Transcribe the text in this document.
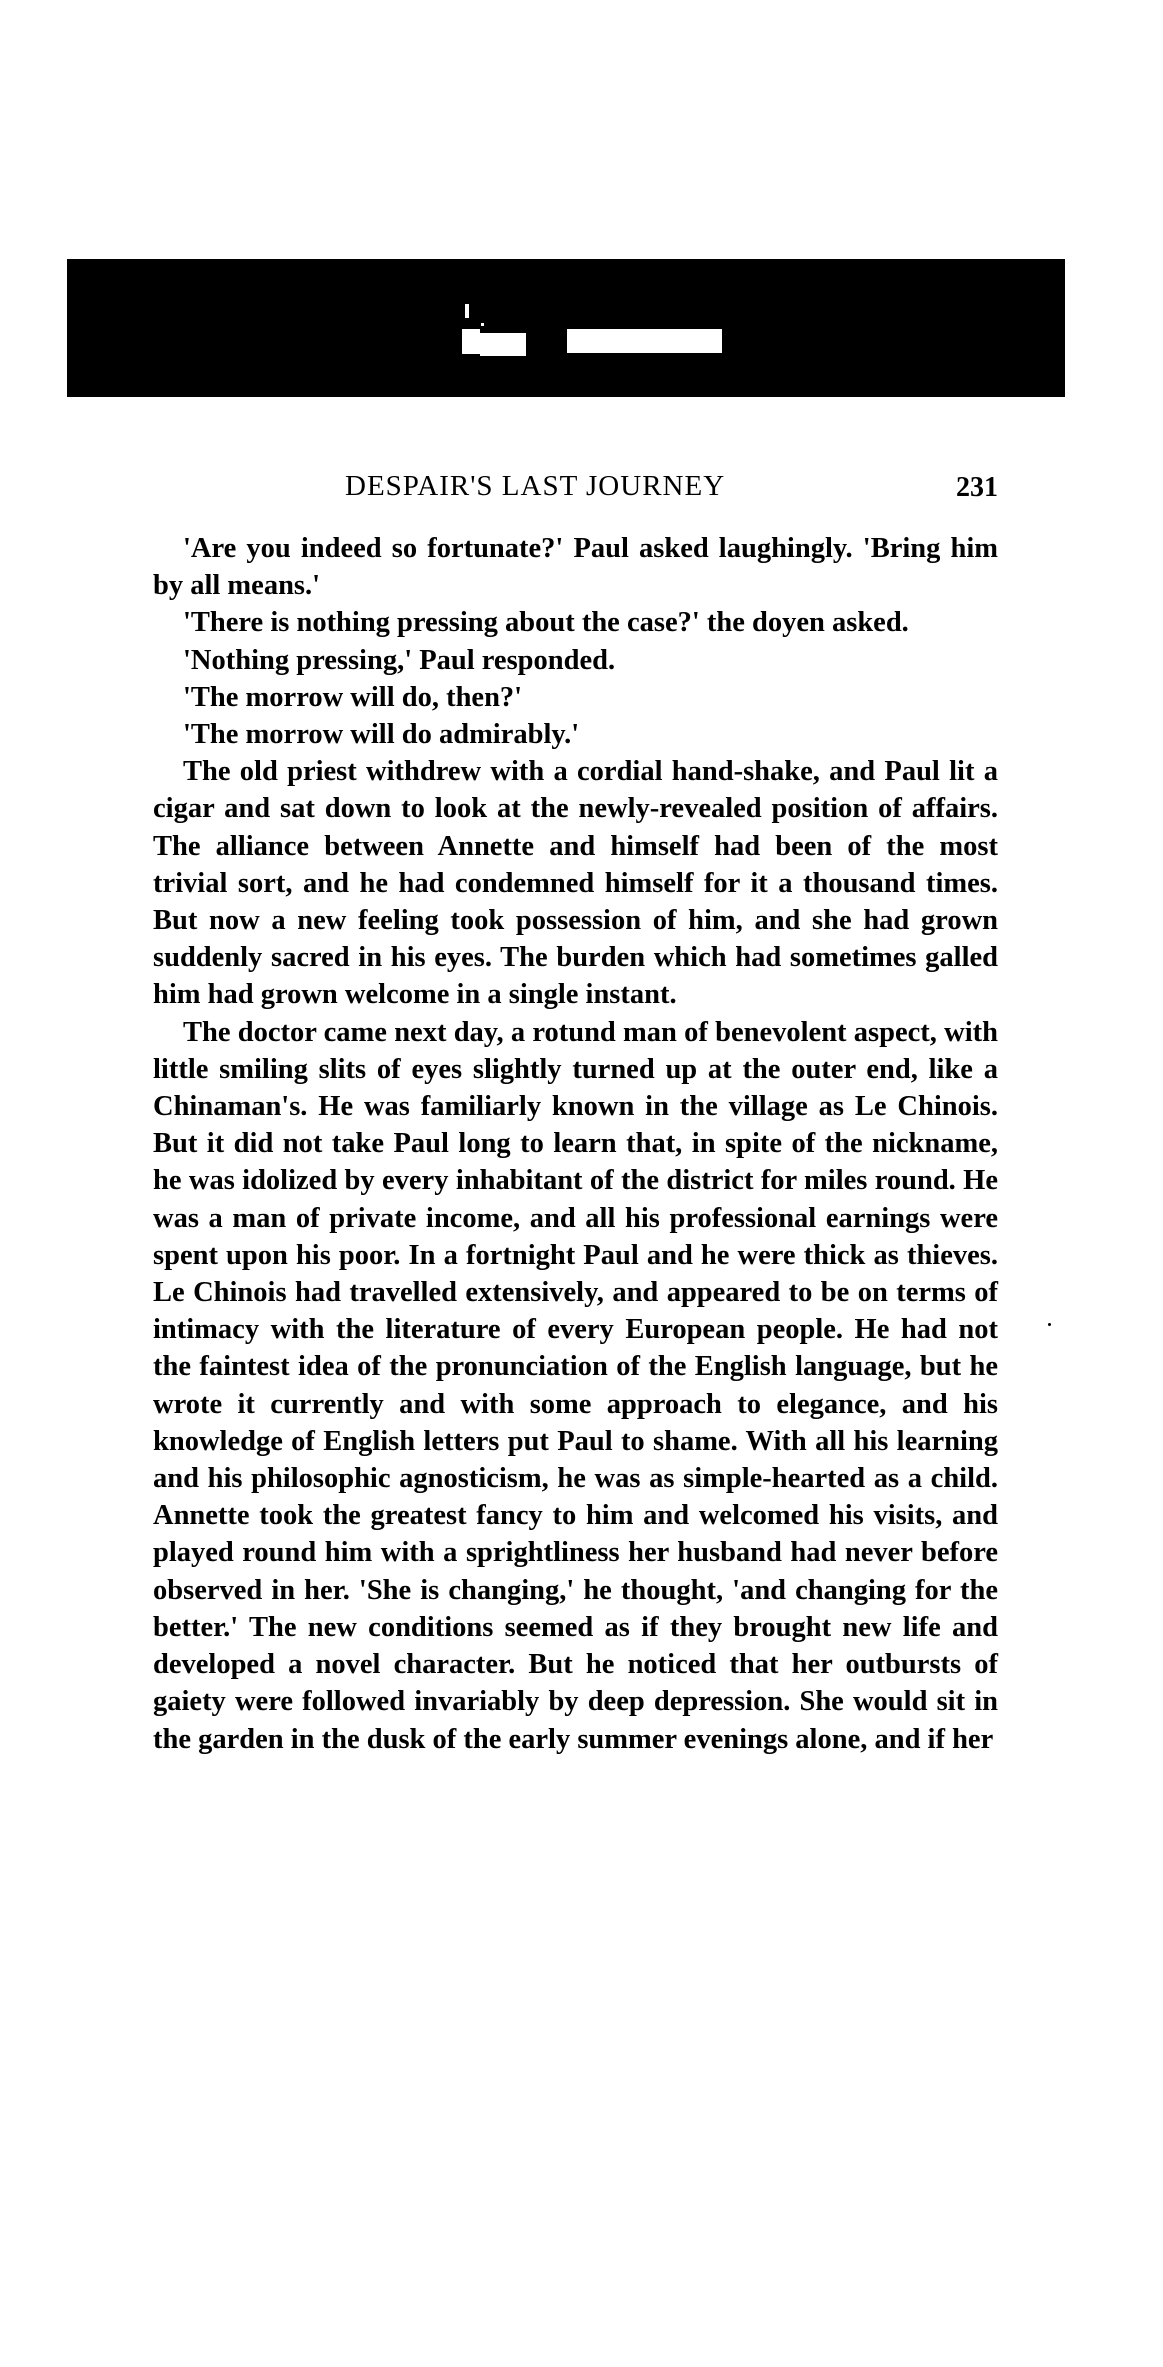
DESPAIR'S LAST JOURNEY	231

'Are you indeed so fortunate?' Paul asked laughingly. 'Bring him by all means.'

'There is nothing pressing about the case?' the doyen asked.

'Nothing pressing,' Paul responded.

'The morrow will do, then?'

'The morrow will do admirably.'

The old priest withdrew with a cordial hand-shake, and Paul lit a cigar and sat down to look at the newly-revealed position of affairs. The alliance between Annette and himself had been of the most trivial sort, and he had condemned himself for it a thousand times. But now a new feeling took possession of him, and she had grown suddenly sacred in his eyes. The burden which had sometimes galled him had grown welcome in a single instant.

The doctor came next day, a rotund man of benevolent aspect, with little smiling slits of eyes slightly turned up at the outer end, like a Chinaman's. He was familiarly known in the village as Le Chinois. But it did not take Paul long to learn that, in spite of the nickname, he was idolized by every inhabitant of the district for miles round. He was a man of private income, and all his professional earnings were spent upon his poor. In a fortnight Paul and he were thick as thieves. Le Chinois had travelled extensively, and appeared to be on terms of intimacy with the literature of every European people. He had not the faintest idea of the pronunciation of the English language, but he wrote it currently and with some approach to elegance, and his knowledge of English letters put Paul to shame. With all his learning and his philosophic agnosticism, he was as simple-hearted as a child. Annette took the greatest fancy to him and welcomed his visits, and played round him with a sprightliness her husband had never before observed in her. 'She is changing,' he thought, 'and changing for the better.' The new conditions seemed as if they brought new life and developed a novel character. But he noticed that her outbursts of gaiety were followed invariably by deep depression. She would sit in the garden in the dusk of the early summer evenings alone, and if her
